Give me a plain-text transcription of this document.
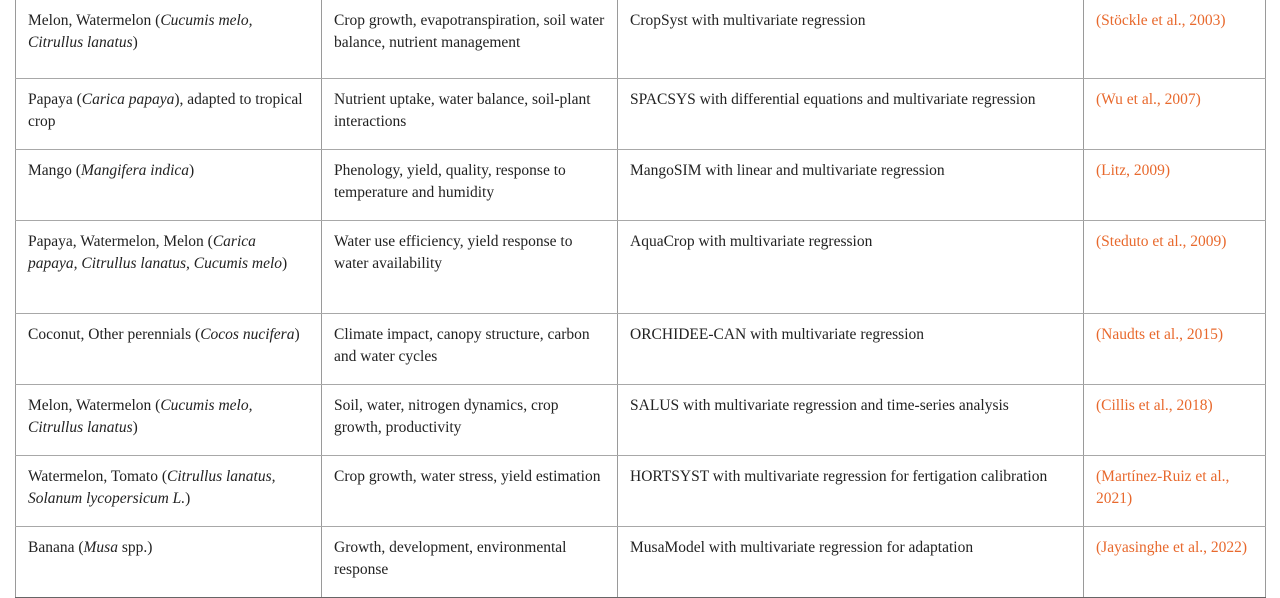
Melon, Watermelon (Cucumis melo, Citrullus lanatus)	Crop growth, evapotranspiration, soil water balance, nutrient management	CropSyst with multivariate regression	(Stöckle et al., 2003)
Papaya (Carica papaya), adapted to tropical crop	Nutrient uptake, water balance, soil-plant interactions	SPACSYS with differential equations and multivariate regression	(Wu et al., 2007)
Mango (Mangifera indica)	Phenology, yield, quality, response to temperature and humidity	MangoSIM with linear and multivariate regression	(Litz, 2009)
Papaya, Watermelon, Melon (Carica papaya, Citrullus lanatus, Cucumis melo)	Water use efficiency, yield response to water availability	AquaCrop with multivariate regression	(Steduto et al., 2009)
Coconut, Other perennials (Cocos nucifera)	Climate impact, canopy structure, carbon and water cycles	ORCHIDEE-CAN with multivariate regression	(Naudts et al., 2015)
Melon, Watermelon (Cucumis melo, Citrullus lanatus)	Soil, water, nitrogen dynamics, crop growth, productivity	SALUS with multivariate regression and time-series analysis	(Cillis et al., 2018)
Watermelon, Tomato (Citrullus lanatus, Solanum lycopersicum L.)	Crop growth, water stress, yield estimation	HORTSYST with multivariate regression for fertigation calibration	(Martínez-Ruiz et al., 2021)
Banana (Musa spp.)	Growth, development, environmental response	MusaModel with multivariate regression for adaptation	(Jayasinghe et al., 2022)
